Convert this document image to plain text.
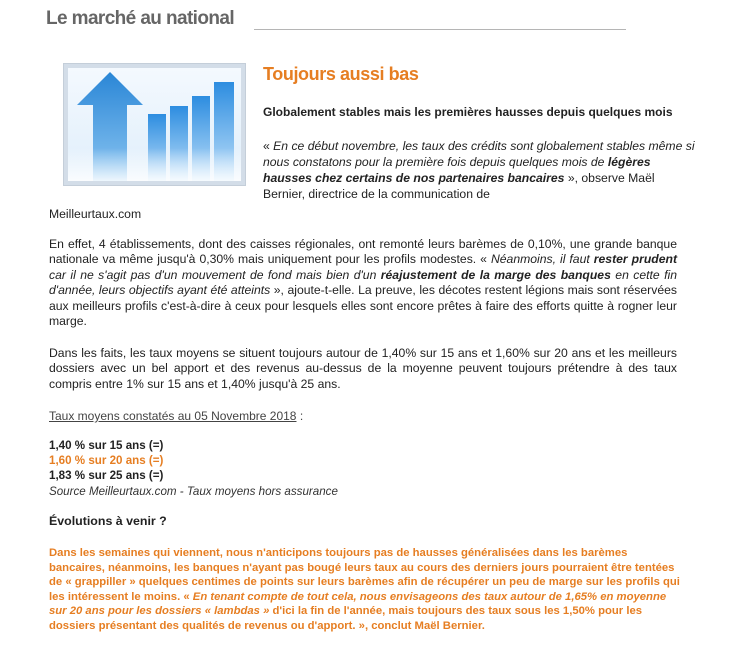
Le marché au national
Toujours aussi bas
Globalement stables mais les premières hausses depuis quelques mois
« En ce début novembre, les taux des crédits sont globalement stables même si nous constatons pour la première fois depuis quelques mois de légères hausses chez certains de nos partenaires bancaires », observe Maël Bernier, directrice de la communication de
Meilleurtaux.com
En effet, 4 établissements, dont des caisses régionales, ont remonté leurs barèmes de 0,10%, une grande banque nationale va même jusqu'à 0,30% mais uniquement pour les profils modestes. « Néanmoins, il faut rester prudent car il ne s'agit pas d'un mouvement de fond mais bien d'un réajustement de la marge des banques en cette fin d'année, leurs objectifs ayant été atteints », ajoute-t-elle. La preuve, les décotes restent légions mais sont réservées aux meilleurs profils c'est-à-dire à ceux pour lesquels elles sont encore prêtes à faire des efforts quitte à rogner leur marge.
Dans les faits, les taux moyens se situent toujours autour de 1,40% sur 15 ans et 1,60% sur 20 ans et les meilleurs dossiers avec un bel apport et des revenus au-dessus de la moyenne peuvent toujours prétendre à des taux compris entre 1% sur 15 ans et 1,40% jusqu'à 25 ans.
Taux moyens constatés au 05 Novembre 2018 :
1,40 % sur 15 ans (=)
1,60 % sur 20 ans (=)
1,83 % sur 25 ans (=)
Source Meilleurtaux.com - Taux moyens hors assurance
Évolutions à venir ?
Dans les semaines qui viennent, nous n'anticipons toujours pas de hausses généralisées dans les barèmes bancaires, néanmoins, les banques n'ayant pas bougé leurs taux au cours des derniers jours pourraient être tentées de « grappiller » quelques centimes de points sur leurs barèmes afin de récupérer un peu de marge sur les profils qui les intéressent le moins. « En tenant compte de tout cela, nous envisageons des taux autour de 1,65% en moyenne sur 20 ans pour les dossiers « lambdas » d'ici la fin de l'année, mais toujours des taux sous les 1,50% pour les dossiers présentant des qualités de revenus ou d'apport. », conclut Maël Bernier.
